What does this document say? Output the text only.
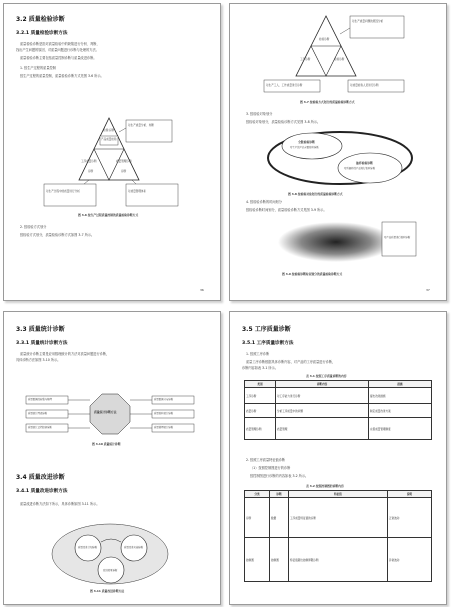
3.2 质量检验诊断
3.2.1 质量检验诊断方法
质量检验诊断是指对质量检验中的缺陷进行分析、判断，
找出产生问题的原因，对质量问题进行诊断与处理的方法。
质量检验诊断主要包括质量控制诊断与质量改进诊断。
1. 按生产过程的质量控制
按生产过程的质量控制，质量检验诊断方式见图 3-6 所示。
检验诊断
产品质量检验
工序质量诊断	质量管理诊断
诊断	诊断
对生产质量分析、判断
对生产过程中的质量进行分析	对质量管理体系
图 3-6 按生产过程质量控制的质量检验诊断方式
2. 按检验方式划分
按检验方式划分，质量检验诊断方式如图 3-7 所示。
36
对生产质量问题的原因分析
检验诊断
工序诊断	检验诊断
对生产工人、工作质量进行诊断	对质量检验人员进行诊断
图 3-7 按检验方式划分的质量检验诊断方式
3. 按检验对象划分
按检验对象划分，质量检验诊断方式见图 3-8 所示。
全数检验诊断
对生产的产品全数检验诊断
抽样检验诊断
对所抽样的产品进行检验诊断
图 3-8 按检验对象划分的质量检验诊断方式
4. 按检验诊断的时间划分
按检验诊断时间划分，质量检验诊断方式见图 3-9 所示。
对产品质量进行检验诊断
图 3-9 按检验诊断时间划分的质量检验诊断方式
37
3.3 质量统计诊断
3.3.1 质量统计诊断方法
质量统计诊断主要是应用数理统计的方法对质量问题进行诊断，
具体诊断方法如图 3-10 所示。
质量统计诊断方法
质量数据的收集与整理
质量统计图表诊断
质量统计过程控制诊断
质量数据分布诊断
质量检验统计诊断
质量管理统计诊断
图 3-10 质量统计诊断
3.4 质量改进诊断
3.4.1 质量改进诊断方法
质量改进诊断方法如下所示，具体诊断如图 3-11 所示。
质量改进计划诊断	质量改进实施诊断
改进效果诊断
图 3-11 质量改进诊断方法
3.5 工序质量诊断
3.5.1 工序质量诊断方法
1. 按照工序诊断
质量工序诊断根据具体诊断内容，对产品的工序质量进行诊断，
诊断内容如表 3-1 所示。
表 3-1 按照工序质量诊断的内容
类别	诊断内容	措施
工序诊断	对工序能力进行诊断	提出改进措施
质量诊断	分析工序质量中的问题	制定质量改进方案
质量管理诊断	质量管理	完善质量管理制度
2. 按照工序质量特征值诊断
（1）按照控制图进行的诊断
按控制图进行诊断的内容如表 3-2 所示。
表 3-2 按照控制图的诊断内容
分类	诊断	特征值	说明
诊断	数据	工序质量特征值的诊断	正常波动
控制图	控制图	特征值超出控制界限诊断	异常波动
